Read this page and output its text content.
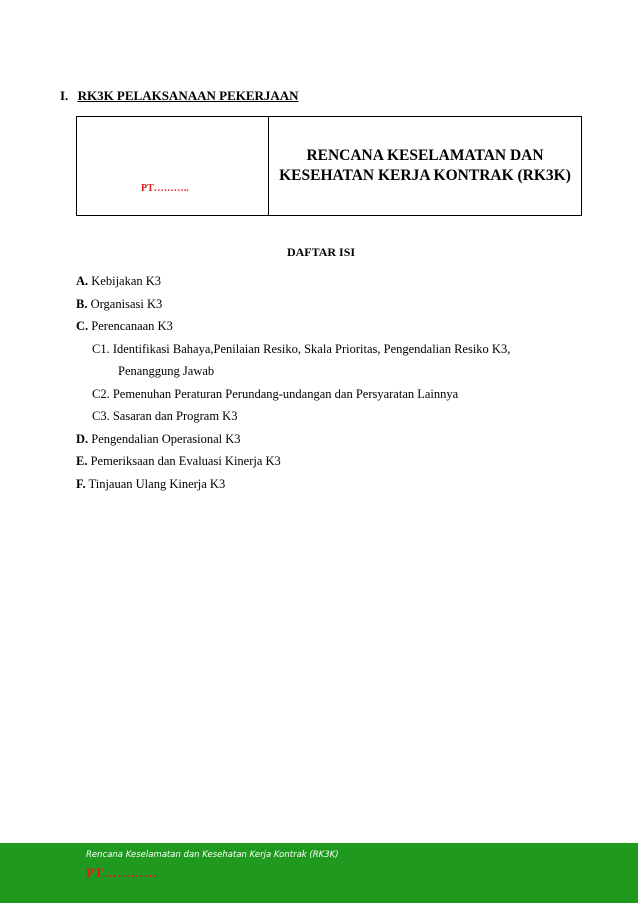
I. RK3K PELAKSANAAN PEKERJAAN
PT………..
RENCANA KESELAMATAN DAN
KESEHATAN KERJA KONTRAK (RK3K)
DAFTAR ISI
A. Kebijakan K3
B. Organisasi K3
C. Perencanaan K3
C1. Identifikasi Bahaya,Penilaian Resiko, Skala Prioritas, Pengendalian Resiko K3,
Penanggung Jawab
C2. Pemenuhan Peraturan Perundang-undangan dan Persyaratan Lainnya
C3. Sasaran dan Program K3
D. Pengendalian Operasional K3
E. Pemeriksaan dan Evaluasi Kinerja K3
F. Tinjauan Ulang Kinerja K3
Rencana Keselamatan dan Kesehatan Kerja Kontrak (RK3K)
PT…………
